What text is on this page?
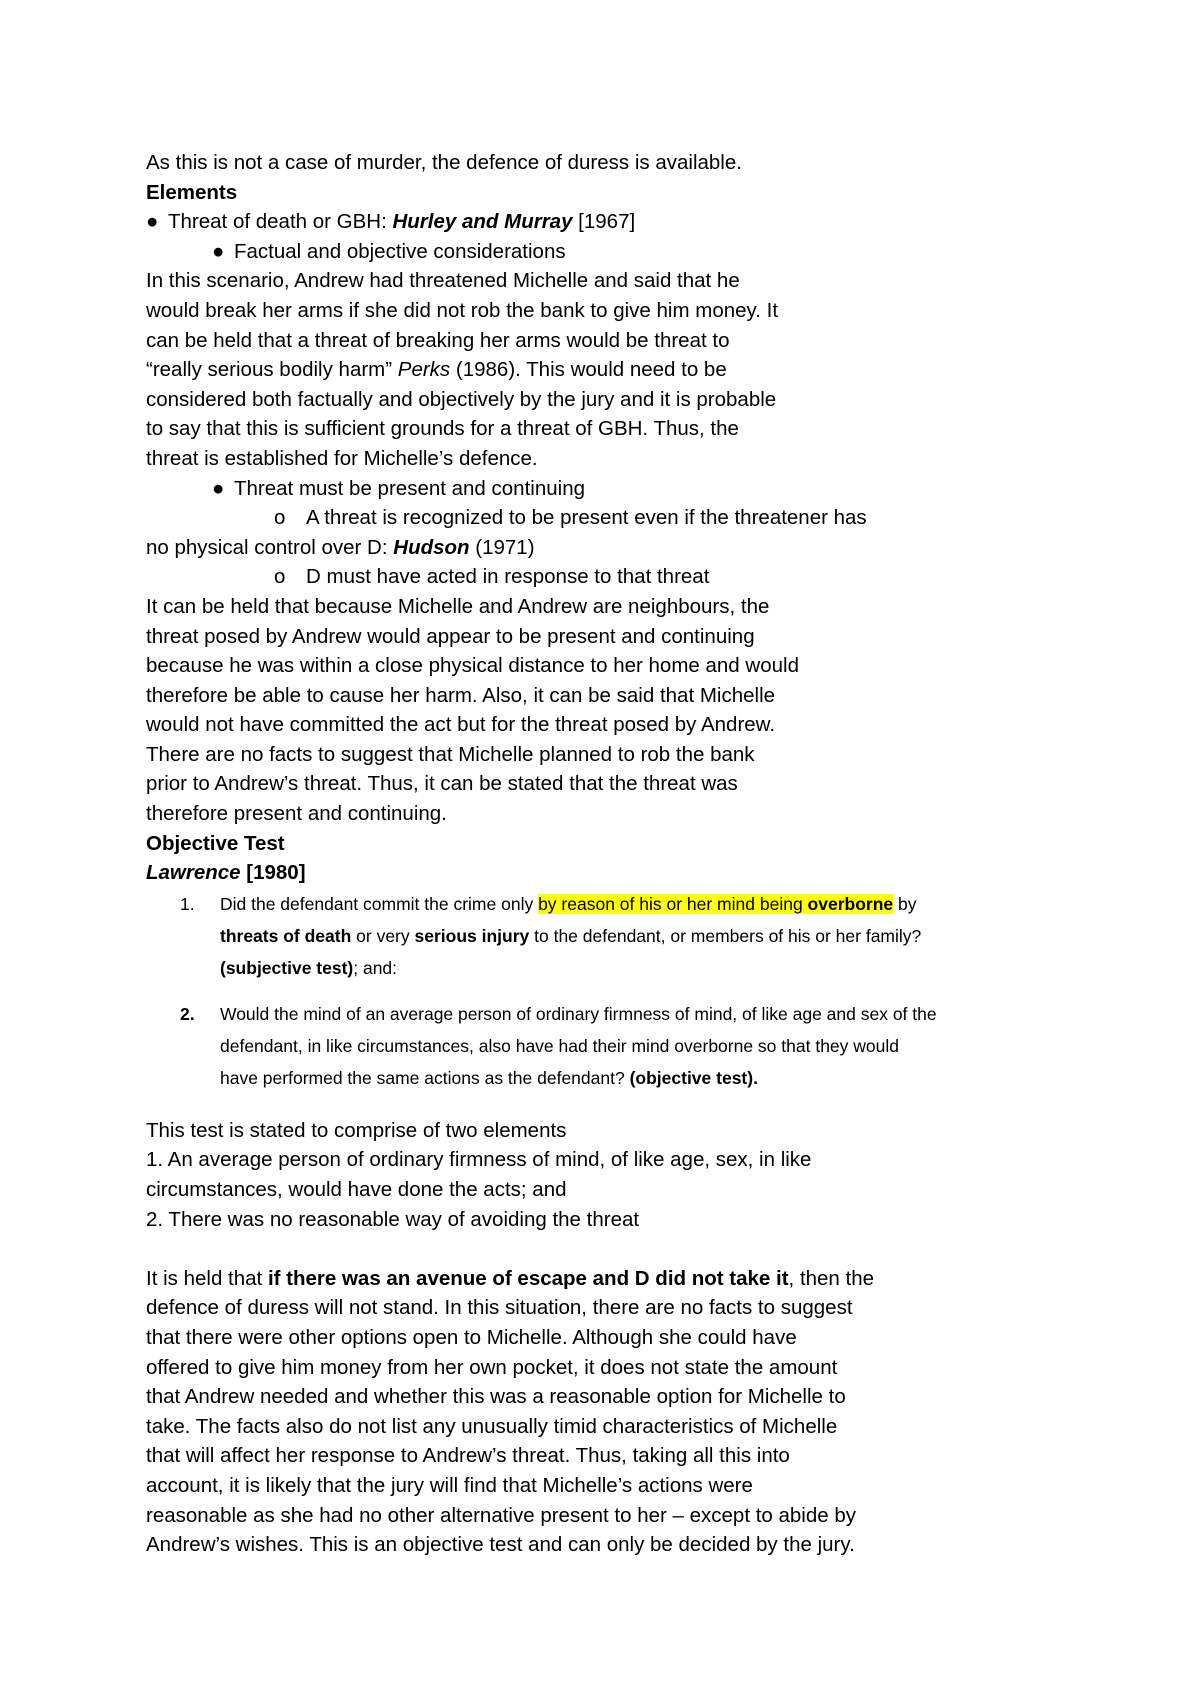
As this is not a case of murder, the defence of duress is available.
Elements
● Threat of death or GBH: Hurley and Murray [1967]
● Factual and objective considerations
In this scenario, Andrew had threatened Michelle and said that he
would break her arms if she did not rob the bank to give him money. It
can be held that a threat of breaking her arms would be threat to
“really serious bodily harm” Perks (1986). This would need to be
considered both factually and objectively by the jury and it is probable
to say that this is sufficient grounds for a threat of GBH. Thus, the
threat is established for Michelle’s defence.
● Threat must be present and continuing
o A threat is recognized to be present even if the threatener has
no physical control over D: Hudson (1971)
o D must have acted in response to that threat
It can be held that because Michelle and Andrew are neighbours, the
threat posed by Andrew would appear to be present and continuing
because he was within a close physical distance to her home and would
therefore be able to cause her harm. Also, it can be said that Michelle
would not have committed the act but for the threat posed by Andrew.
There are no facts to suggest that Michelle planned to rob the bank
prior to Andrew’s threat. Thus, it can be stated that the threat was
therefore present and continuing.
Objective Test
Lawrence [1980]
1. Did the defendant commit the crime only by reason of his or her mind being overborne by
threats of death or very serious injury to the defendant, or members of his or her family?
(subjective test); and:
2. Would the mind of an average person of ordinary firmness of mind, of like age and sex of the
defendant, in like circumstances, also have had their mind overborne so that they would
have performed the same actions as the defendant? (objective test).
This test is stated to comprise of two elements
1. An average person of ordinary firmness of mind, of like age, sex, in like
circumstances, would have done the acts; and
2. There was no reasonable way of avoiding the threat

It is held that if there was an avenue of escape and D did not take it, then the
defence of duress will not stand. In this situation, there are no facts to suggest
that there were other options open to Michelle. Although she could have
offered to give him money from her own pocket, it does not state the amount
that Andrew needed and whether this was a reasonable option for Michelle to
take. The facts also do not list any unusually timid characteristics of Michelle
that will affect her response to Andrew’s threat. Thus, taking all this into
account, it is likely that the jury will find that Michelle’s actions were
reasonable as she had no other alternative present to her – except to abide by
Andrew’s wishes. This is an objective test and can only be decided by the jury.
